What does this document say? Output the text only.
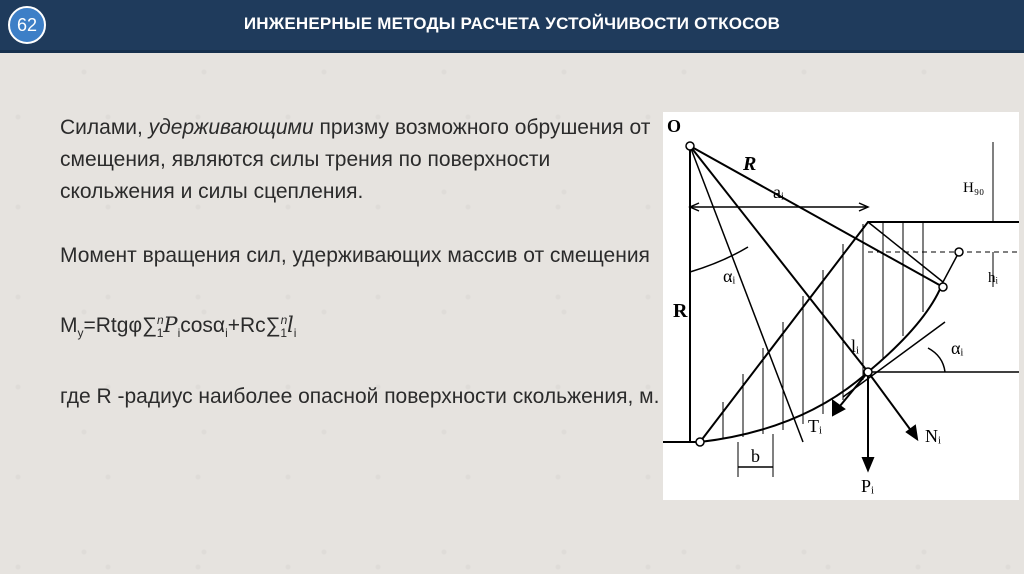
62	ИНЖЕНЕРНЫЕ МЕТОДЫ РАСЧЕТА УСТОЙЧИВОСТИ ОТКОСОВ

Силами, удерживающими призму возможного обрушения от смещения, являются силы трения по поверхности скольжения и силы сцепления.

Момент вращения сил, удерживающих массив от смещения

$M_у=Rtg\varphi\sum^n_1P_i\cos\alpha_i+Rc\sum^n_1l_i$

где R -радиус наиболее опасной поверхности скольжения, м.

O
R
R
aᵢ
αᵢ
αᵢ
H₉₀
hᵢ
lᵢ
Tᵢ	Nᵢ
Pᵢ
b
